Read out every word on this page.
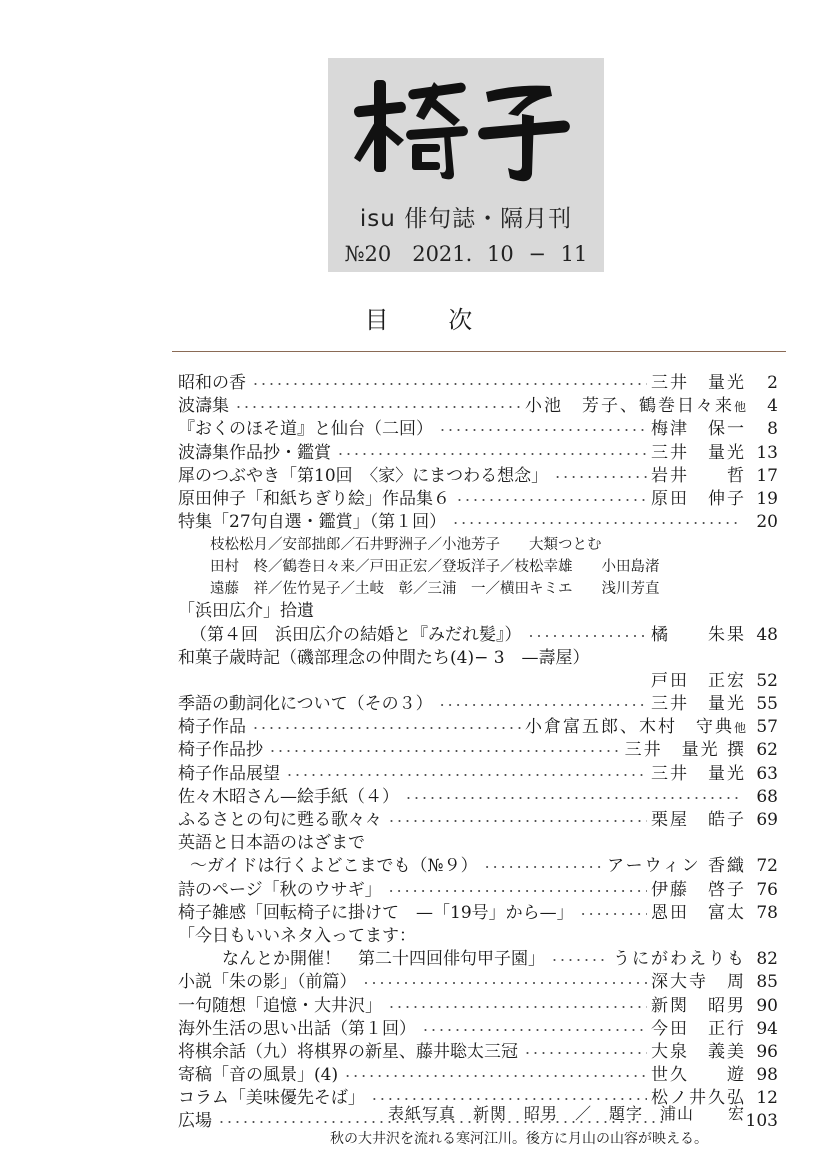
isu 俳句誌・隔月刊
№20　2021. 10 − 11
目 次
昭和の香 ・・・・・・・・・・・・・・・・・・・・・・・・・・・・・・・・・・・・・・・・・・・・・・・・・・・・・・・・	三井　量光	2
波濤集 ・・・・・・・・・・・・・・・・・・・・・・・・・・・・・・・・・・・・・・・・・・・・・・・・・・・・・・・・	小池　芳子、鶴巻日々来他	4
『おくのほそ道』と仙台（二回） ・・・・・・・・・・・・・・・・・・・・・・・・・・・・・・・・・・・・・・・・・・・・・・・・・・・・・・・・	梅津　保一	8
波濤集作品抄・鑑賞 ・・・・・・・・・・・・・・・・・・・・・・・・・・・・・・・・・・・・・・・・・・・・・・・・・・・・・・・・	三井　量光 13
犀のつぶやき「第10回　〈家〉にまつわる想念」 ・・・・・・・・・・・・・・・・・・・・・・・・・・・・・・・・・・・・・・・・・・・・・・・・・・・・・・・・	岩井　　哲 17
原田伸子「和紙ちぎり絵」作品集６ ・・・・・・・・・・・・・・・・・・・・・・・・・・・・・・・・・・・・・・・・・・・・・・・・・・・・・・・・	原田　伸子 19
特集「27句自選・鑑賞」（第１回） ・・・・・・・・・・・・・・・・・・・・・・・・・・・・・・・・・・・・・・・・・・・・・・・・・・・・・・・・	20
枝松松月／安部拙郎／石井野洲子／小池芳子　　大類つとむ
田村　柊／鶴巻日々来／戸田正宏／登坂洋子／枝松幸雄　　小田島渚
遠藤　祥／佐竹晃子／土岐　彰／三浦　一／横田キミエ　　浅川芳直
「浜田広介」拾遺
（第４回　浜田広介の結婚と『みだれ髪』） ・・・・・・・・・・・・・・・・・・・・・・・・・・・・・・・・・・・・・・・・・・・・・・・・・・・・・・・・	橘　　朱果 48
和菓子歳時記（磯部理念の仲間たち(4)− 3　—壽屋）
戸田　正宏 52
季語の動詞化について（その３） ・・・・・・・・・・・・・・・・・・・・・・・・・・・・・・・・・・・・・・・・・・・・・・・・・・・・・・・・	三井　量光 55
椅子作品 ・・・・・・・・・・・・・・・・・・・・・・・・・・・・・・・・・・・・・・・・・・・・・・・・・・・・・・・・	小倉富五郎、木村　守典他 57
椅子作品抄 ・・・・・・・・・・・・・・・・・・・・・・・・・・・・・・・・・・・・・・・・・・・・・・・・・・・・・・・・	三井　量光 撰 62
椅子作品展望 ・・・・・・・・・・・・・・・・・・・・・・・・・・・・・・・・・・・・・・・・・・・・・・・・・・・・・・・・	三井　量光 63
佐々木昭さん—絵手紙（４） ・・・・・・・・・・・・・・・・・・・・・・・・・・・・・・・・・・・・・・・・・・・・・・・・・・・・・・・・	68
ふるさとの句に甦る歌々々 ・・・・・・・・・・・・・・・・・・・・・・・・・・・・・・・・・・・・・・・・・・・・・・・・・・・・・・・・	栗屋　皓子 69
英語と日本語のはざまで
〜ガイドは行くよどこまでも（№９） ・・・・・・・・・・・・・・・・・・・・・・・・・・・・・・・・・・・・・・・・・・・・・・・・・・・・・・・・	アーウィン 香織 72
詩のページ「秋のウサギ」 ・・・・・・・・・・・・・・・・・・・・・・・・・・・・・・・・・・・・・・・・・・・・・・・・・・・・・・・・	伊藤　啓子 76
椅子雑感「回転椅子に掛けて　—「19号」から—」 ・・・・・・・・・・・・・・・・・・・・・・・・・・・・・・・・・・・・・・・・・・・・・・・・・・・・・・・・	恩田　富太 78
「今日もいいネタ入ってます：
なんとか開催！　第二十四回俳句甲子園」 ・・・・・・・・・・・・・・・・・・・・・・・・・・・・・・・・・・・・・・・・・・・・・・・・・・・・・・・・	うにがわえりも 82
小説「朱の影」（前篇） ・・・・・・・・・・・・・・・・・・・・・・・・・・・・・・・・・・・・・・・・・・・・・・・・・・・・・・・・	深大寺　周 85
一句随想「追憶・大井沢」 ・・・・・・・・・・・・・・・・・・・・・・・・・・・・・・・・・・・・・・・・・・・・・・・・・・・・・・・・	新関　昭男 90
海外生活の思い出話（第１回） ・・・・・・・・・・・・・・・・・・・・・・・・・・・・・・・・・・・・・・・・・・・・・・・・・・・・・・・・	今田　正行 94
将棋余話（九）将棋界の新星、藤井聡太三冠 ・・・・・・・・・・・・・・・・・・・・・・・・・・・・・・・・・・・・・・・・・・・・・・・・・・・・・・・・	大泉　義美 96
寄稿「音の風景」(4) ・・・・・・・・・・・・・・・・・・・・・・・・・・・・・・・・・・・・・・・・・・・・・・・・・・・・・・・・	世久　　遊 98
コラム「美味優先そば」 ・・・・・・・・・・・・・・・・・・・・・・・・・・・・・・・・・・・・・・・・・・・・・・・・・・・・・・・・	松ノ井久弘 12
広場 ・・・・・・・・・・・・・・・・・・・・・・・・・・・・・・・・・・・・・・・・・・・・・・・・・・・・・・・・	103
表紙写真　新関　昭男　／　題字　浦山　　宏
秋の大井沢を流れる寒河江川。後方に月山の山容が映える。
